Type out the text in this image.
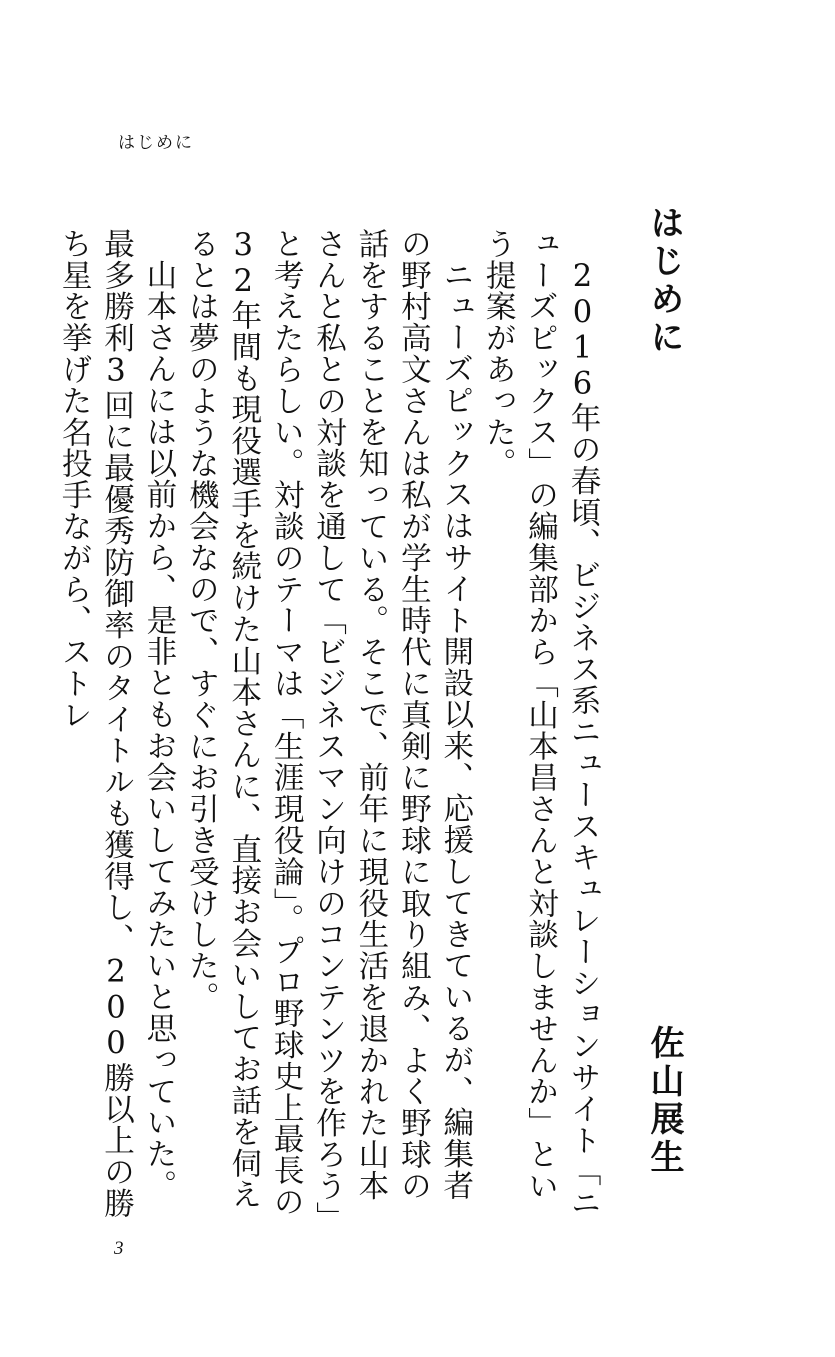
はじめに
はじめに
佐山展生

2016年の春頃、ビジネス系ニュースキュレーションサイト「ニューズピックス」の編集部から「山本昌さんと対談しませんか」という提案があった。

ニューズピックスはサイト開設以来、応援してきているが、編集者の野村高文さんは私が学生時代に真剣に野球に取り組み、よく野球の話をすることを知っている。そこで、前年に現役生活を退かれた山本さんと私との対談を通して「ビジネスマン向けのコンテンツを作ろう」と考えたらしい。対談のテーマは「生涯現役論」。プロ野球史上最長の32年間も現役選手を続けた山本さんに、直接お会いしてお話を伺えるとは夢のような機会なので、すぐにお引き受けした。

山本さんには以前から、是非ともお会いしてみたいと思っていた。最多勝利3回に最優秀防御率のタイトルも獲得し、200勝以上の勝ち星を挙げた名投手ながら、ストレ

3
